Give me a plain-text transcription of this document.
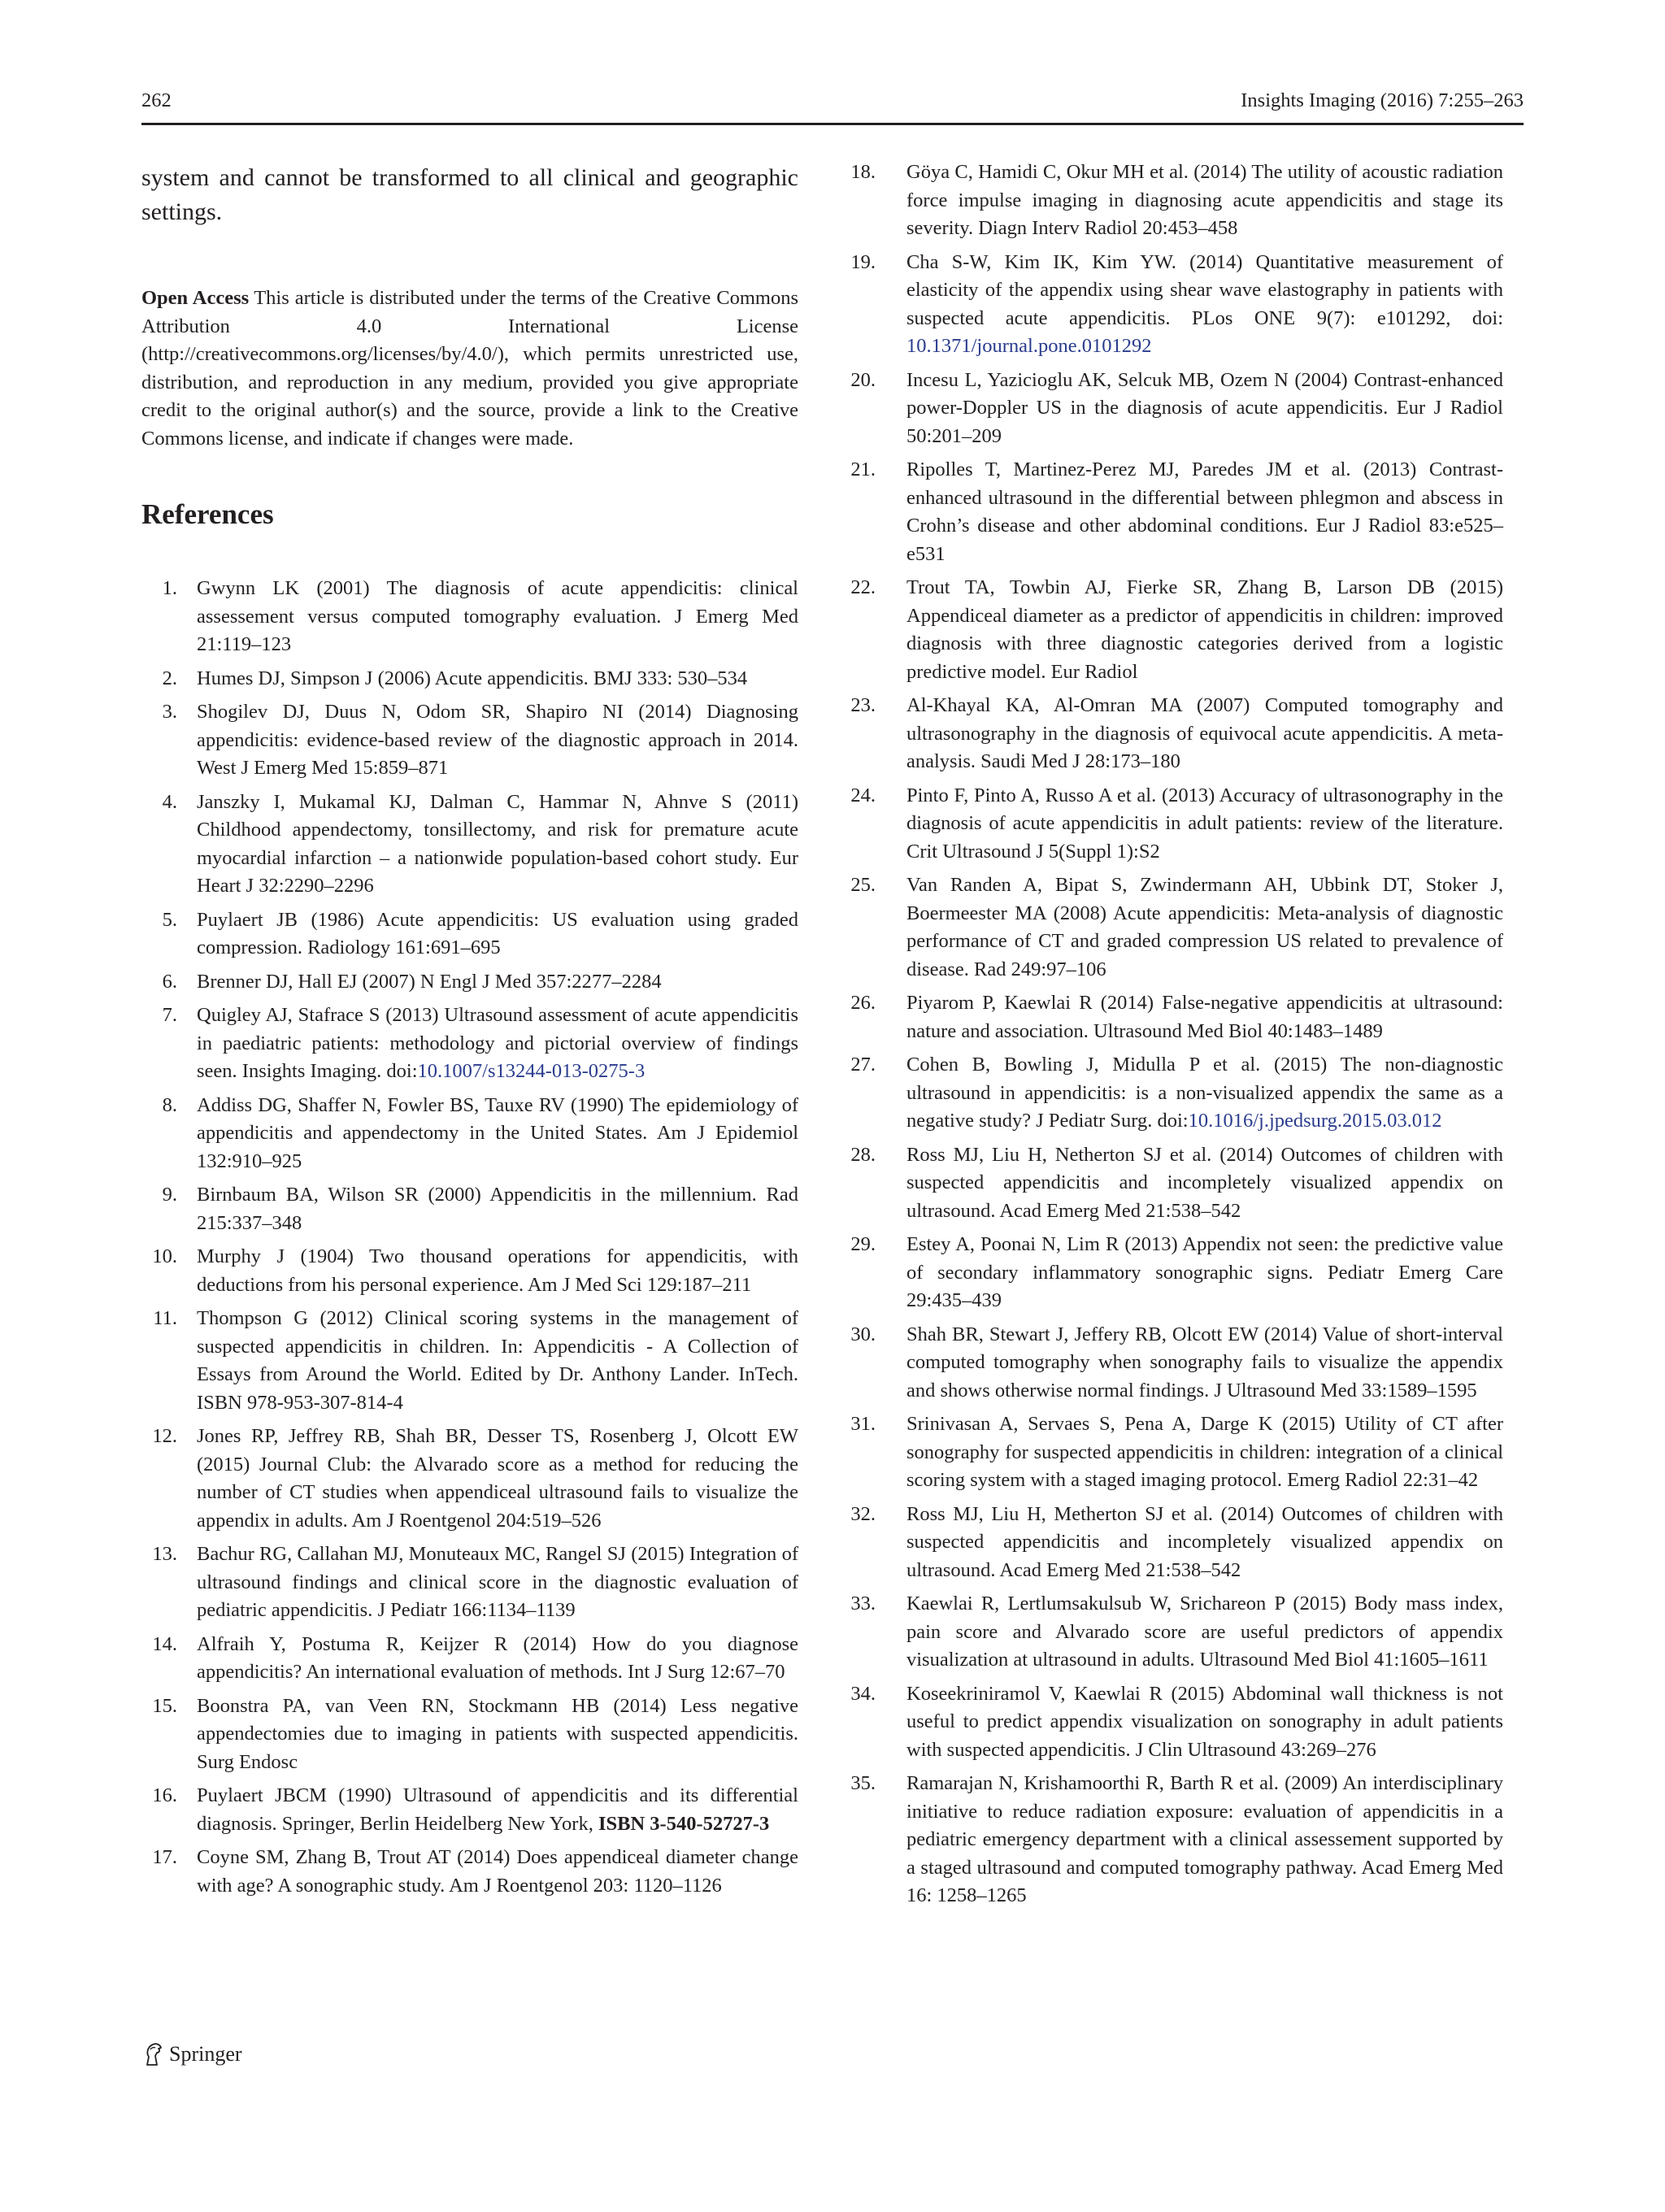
262	Insights Imaging (2016) 7:255–263

system and cannot be transformed to all clinical and geographic settings.

Open Access This article is distributed under the terms of the Creative Commons Attribution 4.0 International License (http://creativecommons.org/licenses/by/4.0/), which permits unrestricted use, distribution, and reproduction in any medium, provided you give appropriate credit to the original author(s) and the source, provide a link to the Creative Commons license, and indicate if changes were made.

References
1. Gwynn LK (2001) The diagnosis of acute appendicitis: clinical assessement versus computed tomography evaluation. J Emerg Med 21:119–123
2. Humes DJ, Simpson J (2006) Acute appendicitis. BMJ 333: 530–534
3. Shogilev DJ, Duus N, Odom SR, Shapiro NI (2014) Diagnosing appendicitis: evidence-based review of the diagnostic approach in 2014. West J Emerg Med 15:859–871
4. Janszky I, Mukamal KJ, Dalman C, Hammar N, Ahnve S (2011) Childhood appendectomy, tonsillectomy, and risk for premature acute myocardial infarction – a nationwide population-based cohort study. Eur Heart J 32:2290–2296
5. Puylaert JB (1986) Acute appendicitis: US evaluation using graded compression. Radiology 161:691–695
6. Brenner DJ, Hall EJ (2007) N Engl J Med 357:2277–2284
7. Quigley AJ, Stafrace S (2013) Ultrasound assessment of acute appendicitis in paediatric patients: methodology and pictorial overview of findings seen. Insights Imaging. doi:10.1007/s13244-013-0275-3
8. Addiss DG, Shaffer N, Fowler BS, Tauxe RV (1990) The epidemiology of appendicitis and appendectomy in the United States. Am J Epidemiol 132:910–925
9. Birnbaum BA, Wilson SR (2000) Appendicitis in the millennium. Rad 215:337–348
10. Murphy J (1904) Two thousand operations for appendicitis, with deductions from his personal experience. Am J Med Sci 129:187–211
11. Thompson G (2012) Clinical scoring systems in the management of suspected appendicitis in children. In: Appendicitis - A Collection of Essays from Around the World. Edited by Dr. Anthony Lander. InTech. ISBN 978-953-307-814-4
12. Jones RP, Jeffrey RB, Shah BR, Desser TS, Rosenberg J, Olcott EW (2015) Journal Club: the Alvarado score as a method for reducing the number of CT studies when appendiceal ultrasound fails to visualize the appendix in adults. Am J Roentgenol 204:519–526
13. Bachur RG, Callahan MJ, Monuteaux MC, Rangel SJ (2015) Integration of ultrasound findings and clinical score in the diagnostic evaluation of pediatric appendicitis. J Pediatr 166:1134–1139
14. Alfraih Y, Postuma R, Keijzer R (2014) How do you diagnose appendicitis? An international evaluation of methods. Int J Surg 12:67–70
15. Boonstra PA, van Veen RN, Stockmann HB (2014) Less negative appendectomies due to imaging in patients with suspected appendicitis. Surg Endosc
16. Puylaert JBCM (1990) Ultrasound of appendicitis and its differential diagnosis. Springer, Berlin Heidelberg New York, ISBN 3-540-52727-3
17. Coyne SM, Zhang B, Trout AT (2014) Does appendiceal diameter change with age? A sonographic study. Am J Roentgenol 203: 1120–1126
18. Göya C, Hamidi C, Okur MH et al. (2014) The utility of acoustic radiation force impulse imaging in diagnosing acute appendicitis and stage its severity. Diagn Interv Radiol 20:453–458
19. Cha S-W, Kim IK, Kim YW. (2014) Quantitative measurement of elasticity of the appendix using shear wave elastography in patients with suspected acute appendicitis. PLos ONE 9(7): e101292, doi: 10.1371/journal.pone.0101292
20. Incesu L, Yazicioglu AK, Selcuk MB, Ozem N (2004) Contrast-enhanced power-Doppler US in the diagnosis of acute appendicitis. Eur J Radiol 50:201–209
21. Ripolles T, Martinez-Perez MJ, Paredes JM et al. (2013) Contrast-enhanced ultrasound in the differential between phlegmon and abscess in Crohn’s disease and other abdominal conditions. Eur J Radiol 83:e525–e531
22. Trout TA, Towbin AJ, Fierke SR, Zhang B, Larson DB (2015) Appendiceal diameter as a predictor of appendicitis in children: improved diagnosis with three diagnostic categories derived from a logistic predictive model. Eur Radiol
23. Al-Khayal KA, Al-Omran MA (2007) Computed tomography and ultrasonography in the diagnosis of equivocal acute appendicitis. A meta-analysis. Saudi Med J 28:173–180
24. Pinto F, Pinto A, Russo A et al. (2013) Accuracy of ultrasonography in the diagnosis of acute appendicitis in adult patients: review of the literature. Crit Ultrasound J 5(Suppl 1):S2
25. Van Randen A, Bipat S, Zwindermann AH, Ubbink DT, Stoker J, Boermeester MA (2008) Acute appendicitis: Meta-analysis of diagnostic performance of CT and graded compression US related to prevalence of disease. Rad 249:97–106
26. Piyarom P, Kaewlai R (2014) False-negative appendicitis at ultrasound: nature and association. Ultrasound Med Biol 40:1483–1489
27. Cohen B, Bowling J, Midulla P et al. (2015) The non-diagnostic ultrasound in appendicitis: is a non-visualized appendix the same as a negative study? J Pediatr Surg. doi:10.1016/j.jpedsurg.2015.03.012
28. Ross MJ, Liu H, Netherton SJ et al. (2014) Outcomes of children with suspected appendicitis and incompletely visualized appendix on ultrasound. Acad Emerg Med 21:538–542
29. Estey A, Poonai N, Lim R (2013) Appendix not seen: the predictive value of secondary inflammatory sonographic signs. Pediatr Emerg Care 29:435–439
30. Shah BR, Stewart J, Jeffery RB, Olcott EW (2014) Value of short-interval computed tomography when sonography fails to visualize the appendix and shows otherwise normal findings. J Ultrasound Med 33:1589–1595
31. Srinivasan A, Servaes S, Pena A, Darge K (2015) Utility of CT after sonography for suspected appendicitis in children: integration of a clinical scoring system with a staged imaging protocol. Emerg Radiol 22:31–42
32. Ross MJ, Liu H, Metherton SJ et al. (2014) Outcomes of children with suspected appendicitis and incompletely visualized appendix on ultrasound. Acad Emerg Med 21:538–542
33. Kaewlai R, Lertlumsakulsub W, Srichareon P (2015) Body mass index, pain score and Alvarado score are useful predictors of appendix visualization at ultrasound in adults. Ultrasound Med Biol 41:1605–1611
34. Koseekriniramol V, Kaewlai R (2015) Abdominal wall thickness is not useful to predict appendix visualization on sonography in adult patients with suspected appendicitis. J Clin Ultrasound 43:269–276
35. Ramarajan N, Krishamoorthi R, Barth R et al. (2009) An interdisciplinary initiative to reduce radiation exposure: evaluation of appendicitis in a pediatric emergency department with a clinical assessement supported by a staged ultrasound and computed tomography pathway. Acad Emerg Med 16: 1258–1265
Springer
